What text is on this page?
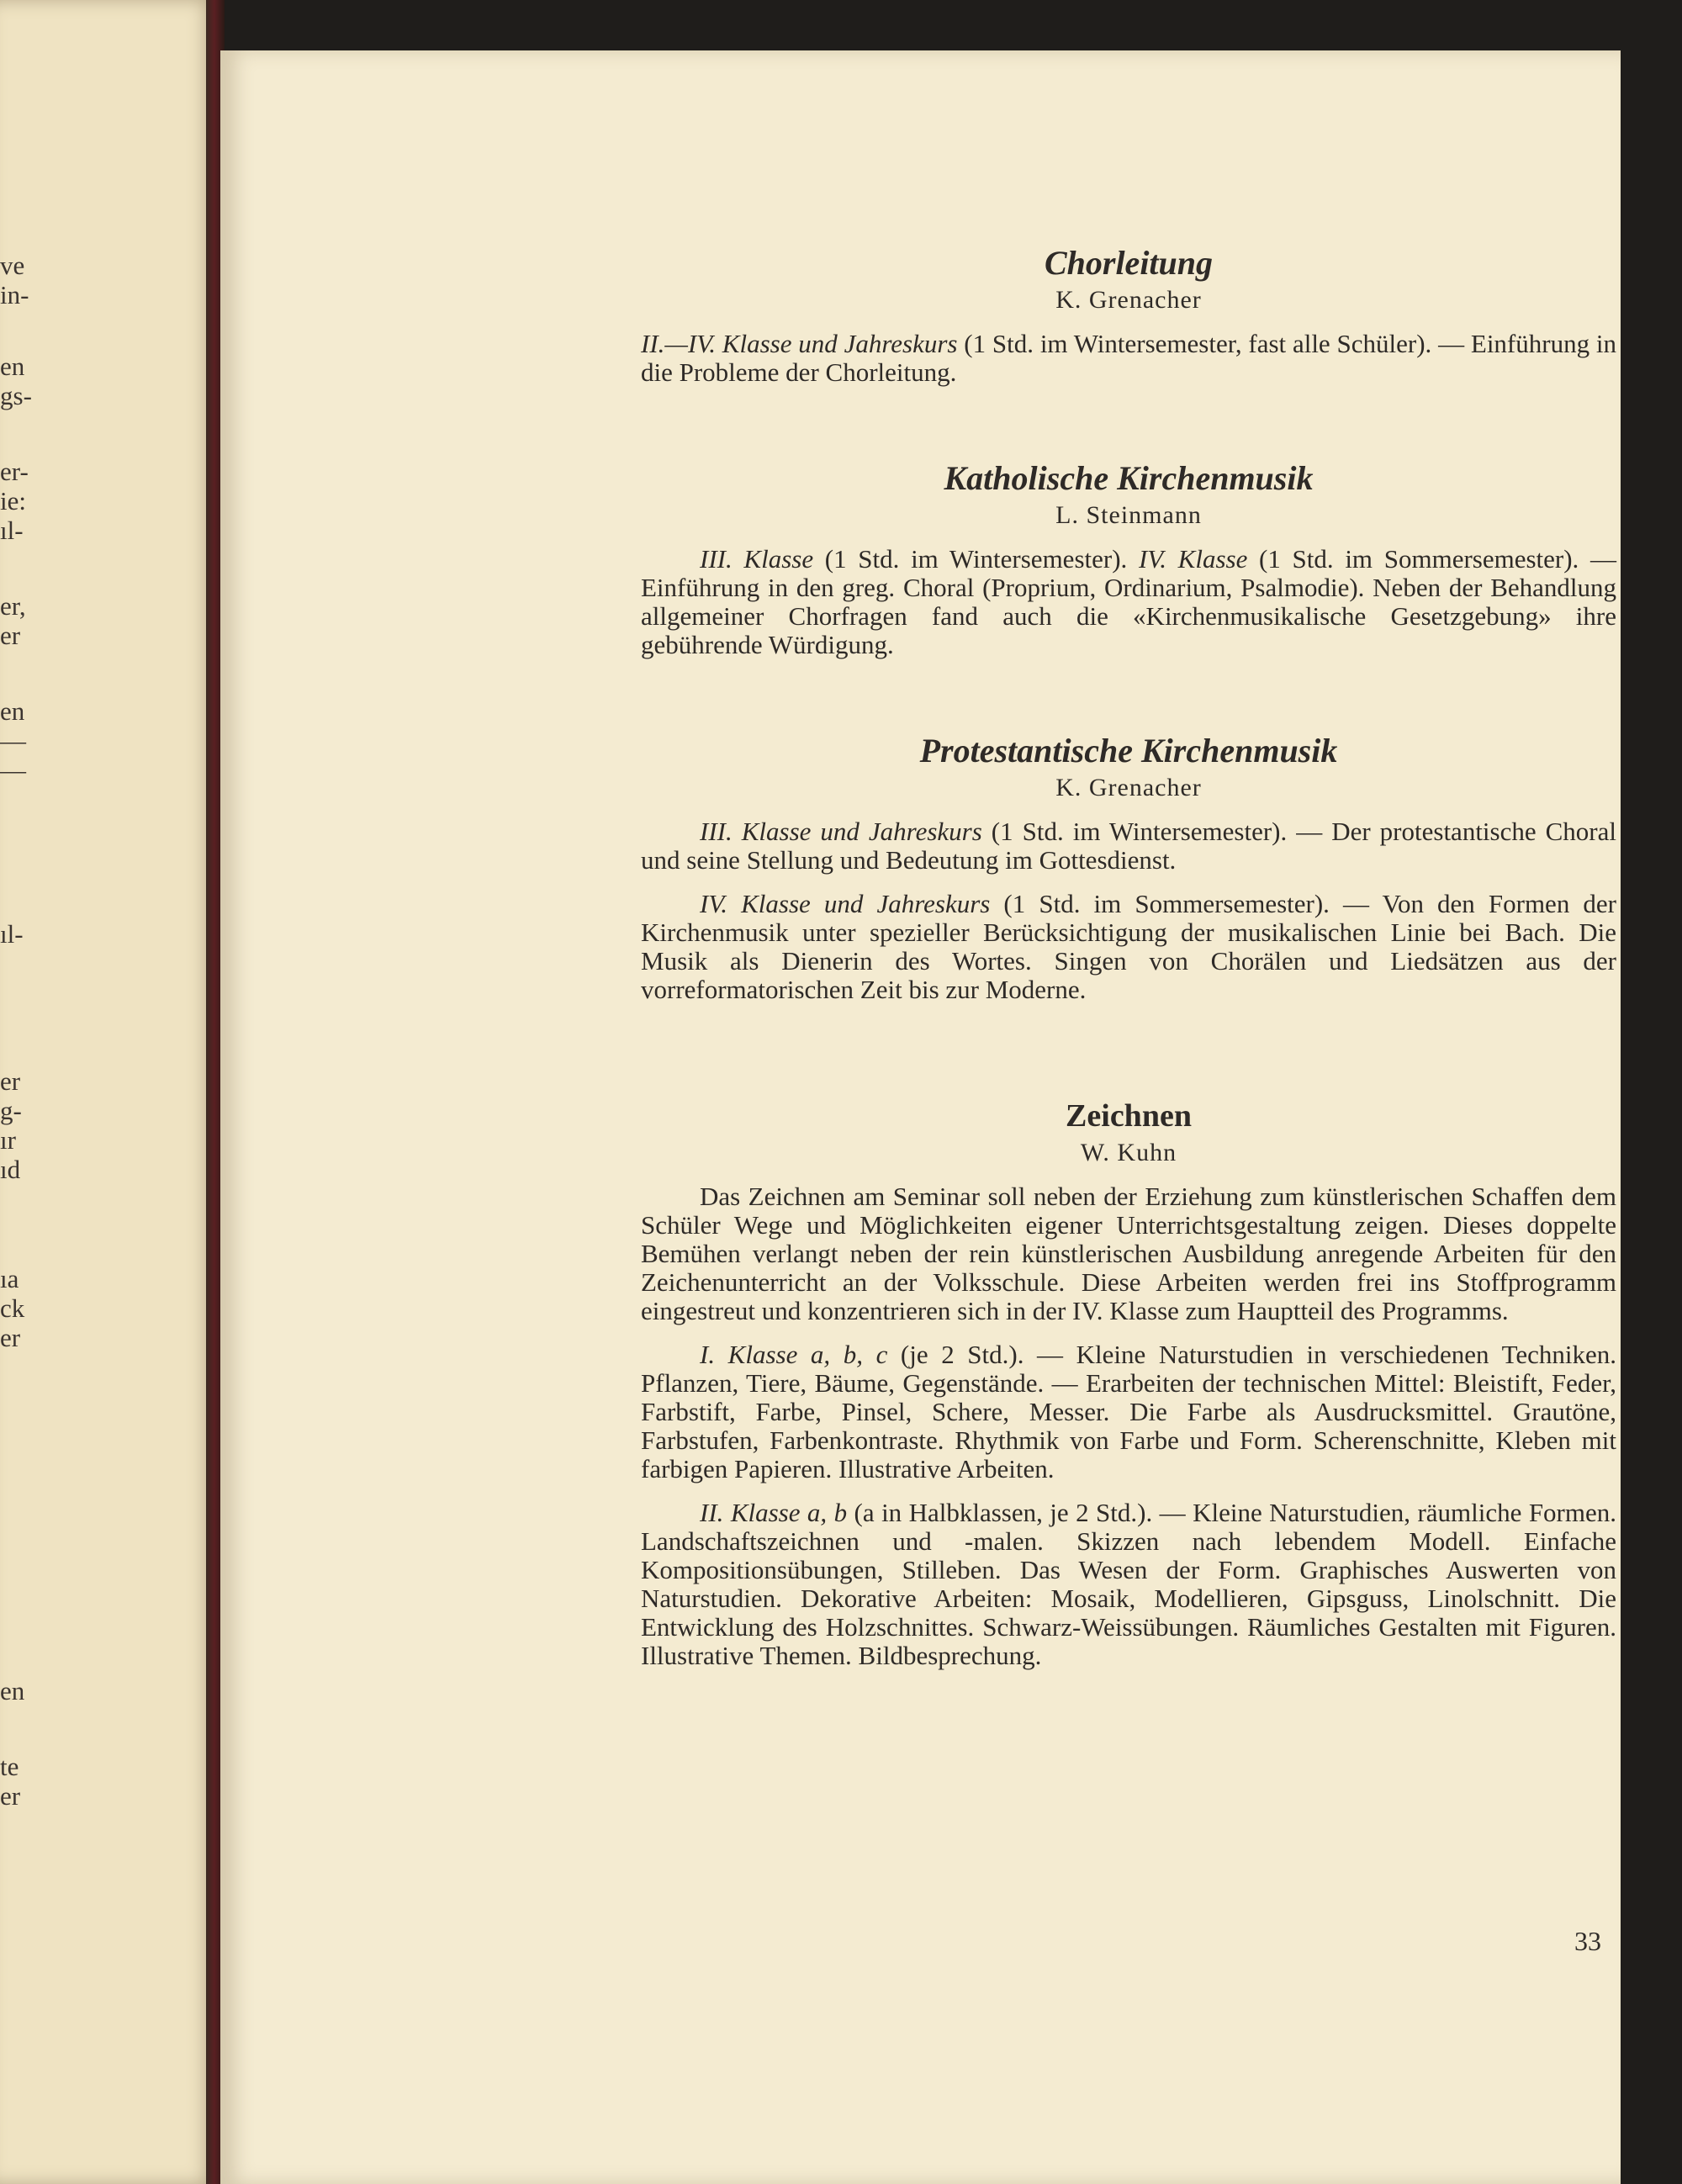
ve
in-
en
gs-
er-
ie:
ıl-
er,
er
en
—
—
ıl-
er
g-
ır
ıd
ıa
ck
er
en
te
er
Chorleitung
K. Grenacher

II.—IV. Klasse und Jahreskurs (1 Std. im Wintersemester, fast alle Schüler). — Einführung in die Probleme der Chorleitung.

Katholische Kirchenmusik
L. Steinmann

III. Klasse (1 Std. im Wintersemester). IV. Klasse (1 Std. im Sommersemester). — Einführung in den greg. Choral (Proprium, Ordinarium, Psalmodie). Neben der Behandlung allgemeiner Chorfragen fand auch die «Kirchenmusikalische Gesetzgebung» ihre gebührende Würdigung.

Protestantische Kirchenmusik
K. Grenacher

III. Klasse und Jahreskurs (1 Std. im Wintersemester). — Der protestantische Choral und seine Stellung und Bedeutung im Gottesdienst.

IV. Klasse und Jahreskurs (1 Std. im Sommersemester). — Von den Formen der Kirchenmusik unter spezieller Berücksichtigung der musikalischen Linie bei Bach. Die Musik als Dienerin des Wortes. Singen von Chorälen und Liedsätzen aus der vorreformatorischen Zeit bis zur Moderne.

Zeichnen
W. Kuhn

Das Zeichnen am Seminar soll neben der Erziehung zum künstlerischen Schaffen dem Schüler Wege und Möglichkeiten eigener Unterrichtsgestaltung zeigen. Dieses doppelte Bemühen verlangt neben der rein künstlerischen Ausbildung anregende Arbeiten für den Zeichenunterricht an der Volksschule. Diese Arbeiten werden frei ins Stoffprogramm eingestreut und konzentrieren sich in der IV. Klasse zum Hauptteil des Programms.

I. Klasse a, b, c (je 2 Std.). — Kleine Naturstudien in verschiedenen Techniken. Pflanzen, Tiere, Bäume, Gegenstände. — Erarbeiten der technischen Mittel: Bleistift, Feder, Farbstift, Farbe, Pinsel, Schere, Messer. Die Farbe als Ausdrucksmittel. Grautöne, Farbstufen, Farbenkontraste. Rhythmik von Farbe und Form. Scherenschnitte, Kleben mit farbigen Papieren. Illustrative Arbeiten.

II. Klasse a, b (a in Halbklassen, je 2 Std.). — Kleine Naturstudien, räumliche Formen. Landschaftszeichnen und -malen. Skizzen nach lebendem Modell. Einfache Kompositionsübungen, Stilleben. Das Wesen der Form. Graphisches Auswerten von Naturstudien. Dekorative Arbeiten: Mosaik, Modellieren, Gipsguss, Linolschnitt. Die Entwicklung des Holzschnittes. Schwarz-Weissübungen. Räumliches Gestalten mit Figuren. Illustrative Themen. Bildbesprechung.

33
